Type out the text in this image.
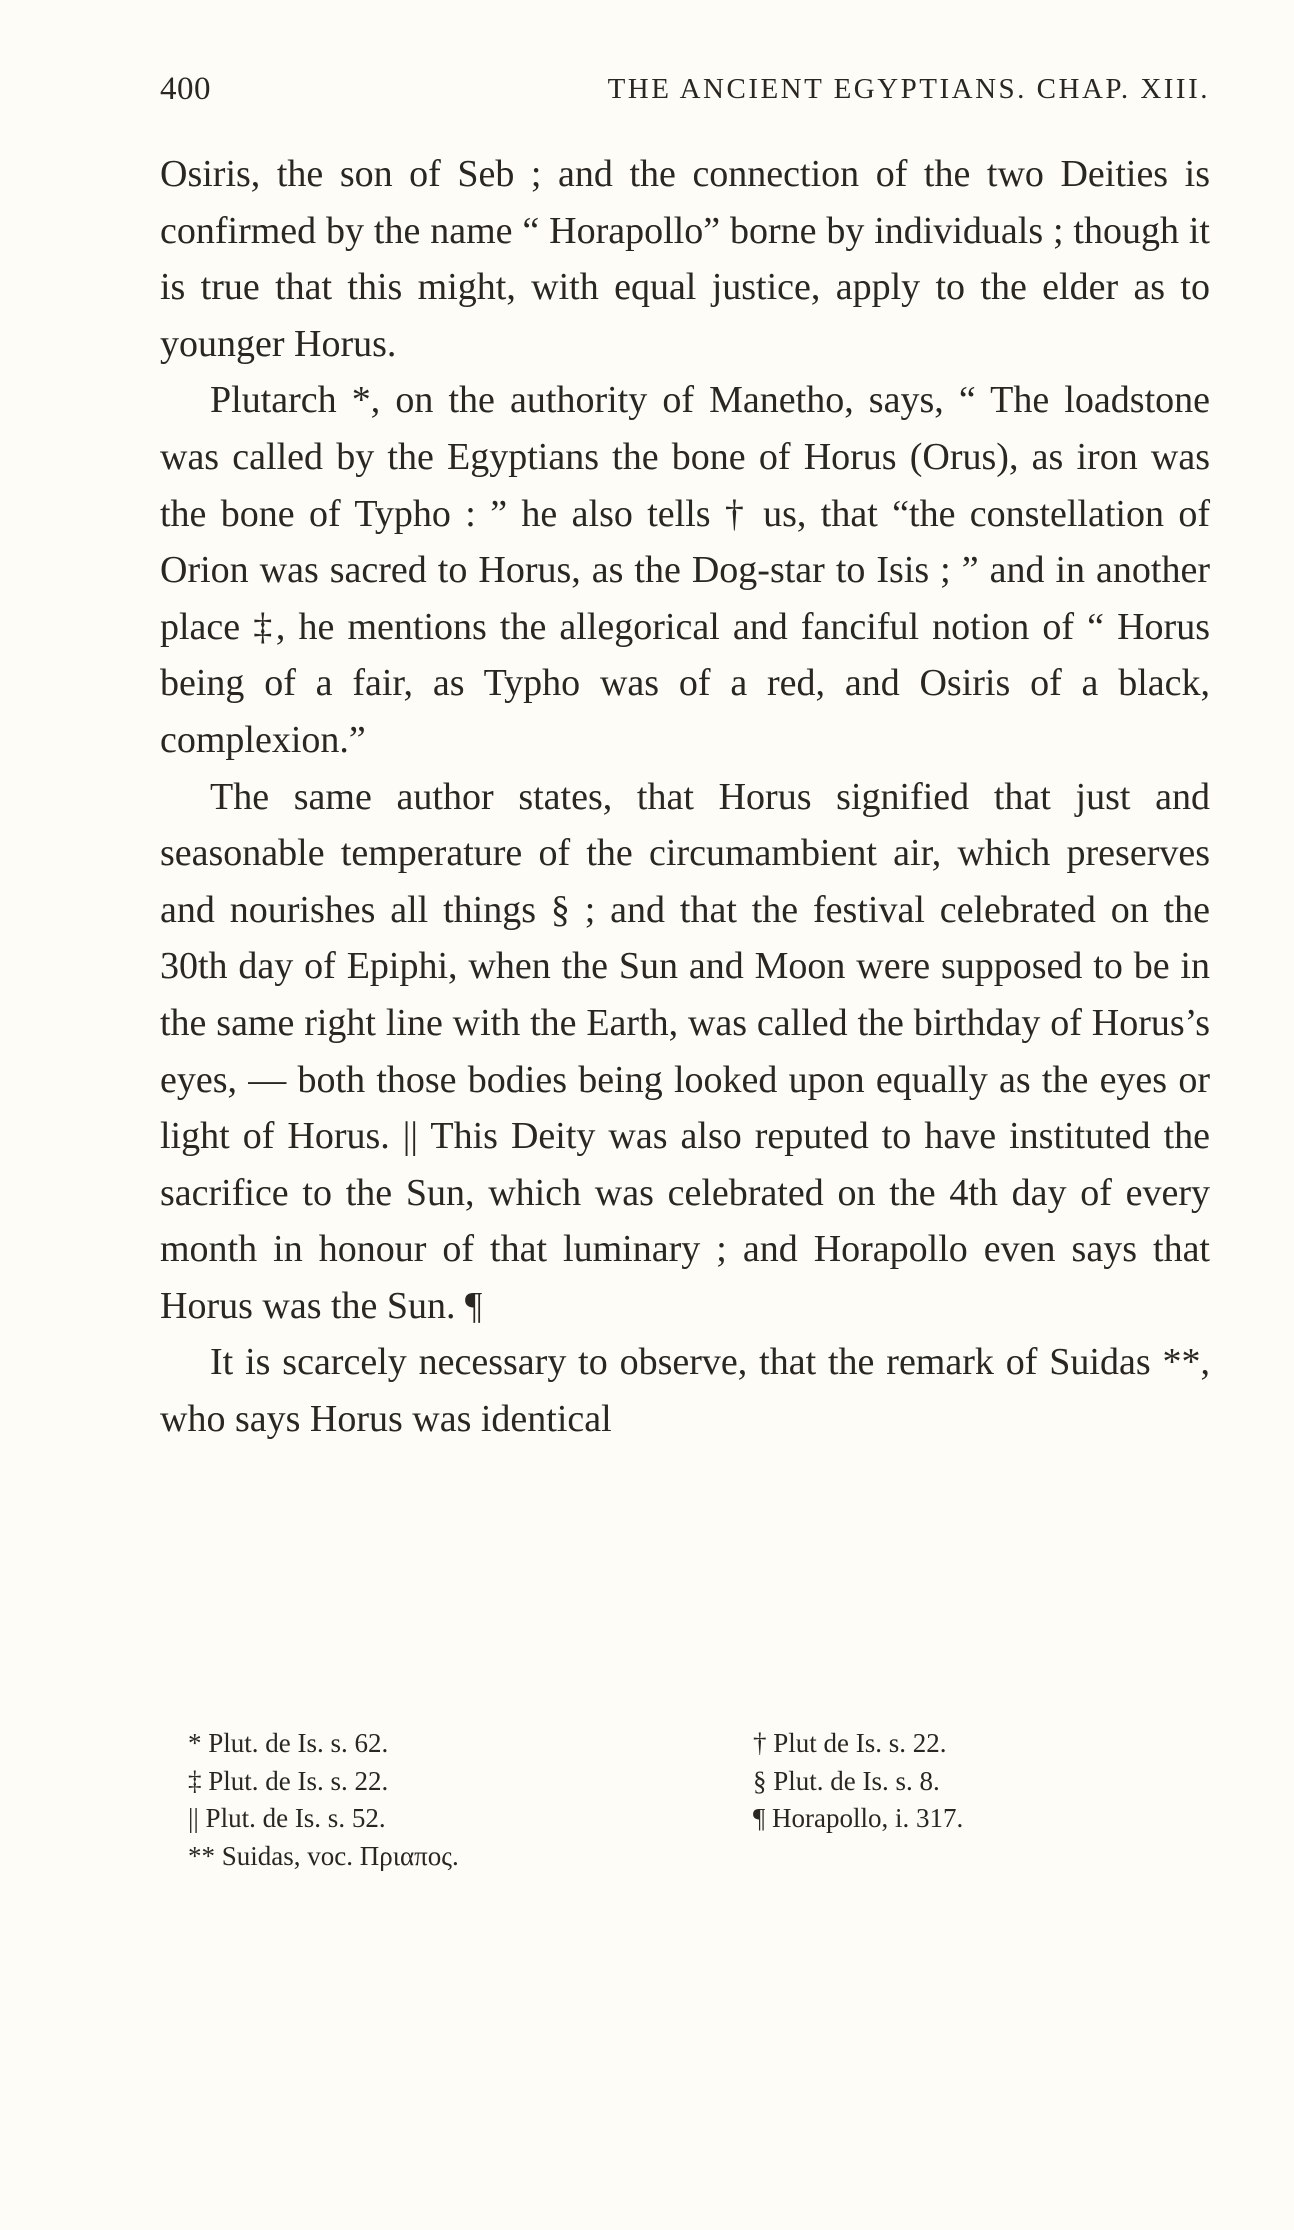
400	THE ANCIENT EGYPTIANS. CHAP. XIII.

Osiris, the son of Seb ; and the connection of the two Deities is confirmed by the name “ Horapollo” borne by individuals ; though it is true that this might, with equal justice, apply to the elder as to younger Horus.

Plutarch *, on the authority of Manetho, says, “ The loadstone was called by the Egyptians the bone of Horus (Orus), as iron was the bone of Typho : ” he also tells † us, that “the constellation of Orion was sacred to Horus, as the Dog-star to Isis ; ” and in another place ‡, he mentions the allegorical and fanciful notion of “ Horus being of a fair, as Typho was of a red, and Osiris of a black, complexion.”

The same author states, that Horus signified that just and seasonable temperature of the circumambient air, which preserves and nourishes all things § ; and that the festival celebrated on the 30th day of Epiphi, when the Sun and Moon were supposed to be in the same right line with the Earth, was called the birthday of Horus’s eyes, — both those bodies being looked upon equally as the eyes or light of Horus. || This Deity was also reputed to have instituted the sacrifice to the Sun, which was celebrated on the 4th day of every month in honour of that luminary ; and Horapollo even says that Horus was the Sun. ¶

It is scarcely necessary to observe, that the remark of Suidas **, who says Horus was identical

* Plut. de Is. s. 62.	† Plut de Is. s. 22.
‡ Plut. de Is. s. 22.	§ Plut. de Is. s. 8.
|| Plut. de Is. s. 52.	¶ Horapollo, i. 317.
** Suidas, voc. Πριαπος.
